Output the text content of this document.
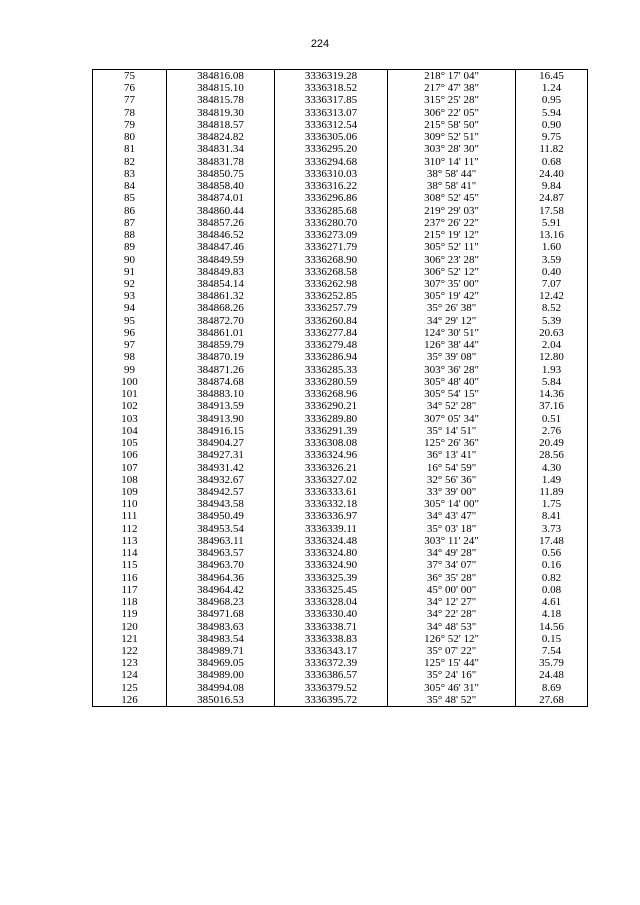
224
75	384816.08	3336319.28	218° 17' 04"	16.45
76	384815.10	3336318.52	217° 47' 38"	1.24
77	384815.78	3336317.85	315° 25' 28"	0.95
78	384819.30	3336313.07	306° 22' 05"	5.94
79	384818.57	3336312.54	215° 58' 50"	0.90
80	384824.82	3336305.06	309° 52' 51"	9.75
81	384831.34	3336295.20	303° 28' 30"	11.82
82	384831.78	3336294.68	310° 14' 11"	0.68
83	384850.75	3336310.03	38° 58' 44"	24.40
84	384858.40	3336316.22	38° 58' 41"	9.84
85	384874.01	3336296.86	308° 52' 45"	24.87
86	384860.44	3336285.68	219° 29' 03"	17.58
87	384857.26	3336280.70	237° 26' 22"	5.91
88	384846.52	3336273.09	215° 19' 12"	13.16
89	384847.46	3336271.79	305° 52' 11"	1.60
90	384849.59	3336268.90	306° 23' 28"	3.59
91	384849.83	3336268.58	306° 52' 12"	0.40
92	384854.14	3336262.98	307° 35' 00"	7.07
93	384861.32	3336252.85	305° 19' 42"	12.42
94	384868.26	3336257.79	35° 26' 38"	8.52
95	384872.70	3336260.84	34° 29' 12"	5.39
96	384861.01	3336277.84	124° 30' 51"	20.63
97	384859.79	3336279.48	126° 38' 44"	2.04
98	384870.19	3336286.94	35° 39' 08"	12.80
99	384871.26	3336285.33	303° 36' 28"	1.93
100	384874.68	3336280.59	305° 48' 40"	5.84
101	384883.10	3336268.96	305° 54' 15"	14.36
102	384913.59	3336290.21	34° 52' 28"	37.16
103	384913.90	3336289.80	307° 05' 34"	0.51
104	384916.15	3336291.39	35° 14' 51"	2.76
105	384904.27	3336308.08	125° 26' 36"	20.49
106	384927.31	3336324.96	36° 13' 41"	28.56
107	384931.42	3336326.21	16° 54' 59"	4.30
108	384932.67	3336327.02	32° 56' 36"	1.49
109	384942.57	3336333.61	33° 39' 00"	11.89
110	384943.58	3336332.18	305° 14' 00"	1.75
111	384950.49	3336336.97	34° 43' 47"	8.41
112	384953.54	3336339.11	35° 03' 18"	3.73
113	384963.11	3336324.48	303° 11' 24"	17.48
114	384963.57	3336324.80	34° 49' 28"	0.56
115	384963.70	3336324.90	37° 34' 07"	0.16
116	384964.36	3336325.39	36° 35' 28"	0.82
117	384964.42	3336325.45	45° 00' 00"	0.08
118	384968.23	3336328.04	34° 12' 27"	4.61
119	384971.68	3336330.40	34° 22' 28"	4.18
120	384983.63	3336338.71	34° 48' 53"	14.56
121	384983.54	3336338.83	126° 52' 12"	0.15
122	384989.71	3336343.17	35° 07' 22"	7.54
123	384969.05	3336372.39	125° 15' 44"	35.79
124	384989.00	3336386.57	35° 24' 16"	24.48
125	384994.08	3336379.52	305° 46' 31"	8.69
126	385016.53	3336395.72	35° 48' 52"	27.68
